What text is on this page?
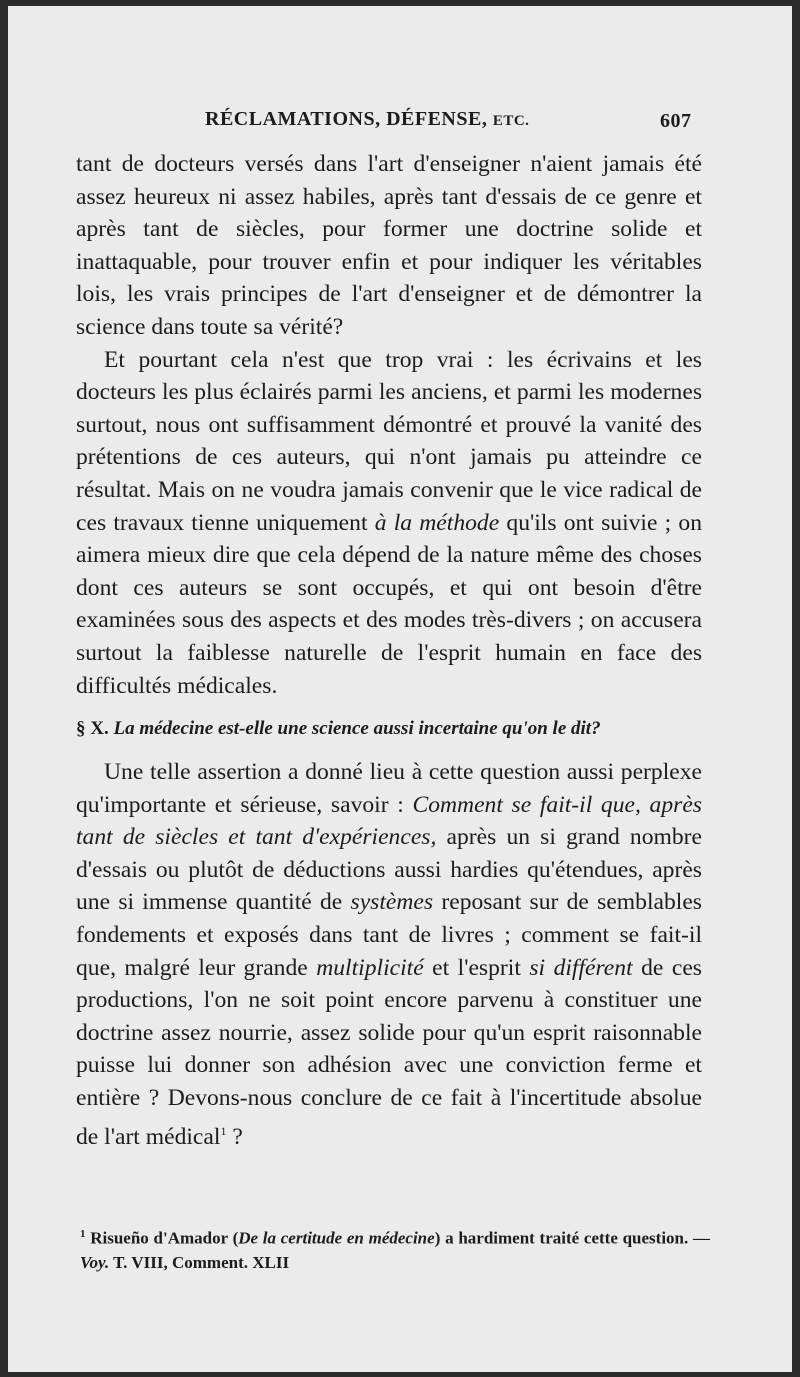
RÉCLAMATIONS, DÉFENSE, ETC.	607

tant de docteurs versés dans l'art d'enseigner n'aient jamais été assez heureux ni assez habiles, après tant d'essais de ce genre et après tant de siècles, pour former une doctrine solide et inattaquable, pour trouver enfin et pour indiquer les véritables lois, les vrais principes de l'art d'enseigner et de démontrer la science dans toute sa vérité?

Et pourtant cela n'est que trop vrai : les écrivains et les docteurs les plus éclairés parmi les anciens, et parmi les modernes surtout, nous ont suffisamment démontré et prouvé la vanité des prétentions de ces auteurs, qui n'ont jamais pu atteindre ce résultat. Mais on ne voudra jamais convenir que le vice radical de ces travaux tienne uniquement à la méthode qu'ils ont suivie ; on aimera mieux dire que cela dépend de la nature même des choses dont ces auteurs se sont occupés, et qui ont besoin d'être examinées sous des aspects et des modes très-divers ; on accusera surtout la faiblesse naturelle de l'esprit humain en face des difficultés médicales.

§ X. La médecine est-elle une science aussi incertaine qu'on le dit?

Une telle assertion a donné lieu à cette question aussi perplexe qu'importante et sérieuse, savoir : Comment se fait-il que, après tant de siècles et tant d'expériences, après un si grand nombre d'essais ou plutôt de déductions aussi hardies qu'étendues, après une si immense quantité de systèmes reposant sur de semblables fondements et exposés dans tant de livres ; comment se fait-il que, malgré leur grande multiplicité et l'esprit si différent de ces productions, l'on ne soit point encore parvenu à constituer une doctrine assez nourrie, assez solide pour qu'un esprit raisonnable puisse lui donner son adhésion avec une conviction ferme et entière ? Devons-nous conclure de ce fait à l'incertitude absolue de l'art médical$^1$ ?

$^1$ Risueño d'Amador (De la certitude en médecine) a hardiment traité cette question. — Voy. T. VIII, Comment. XLII
